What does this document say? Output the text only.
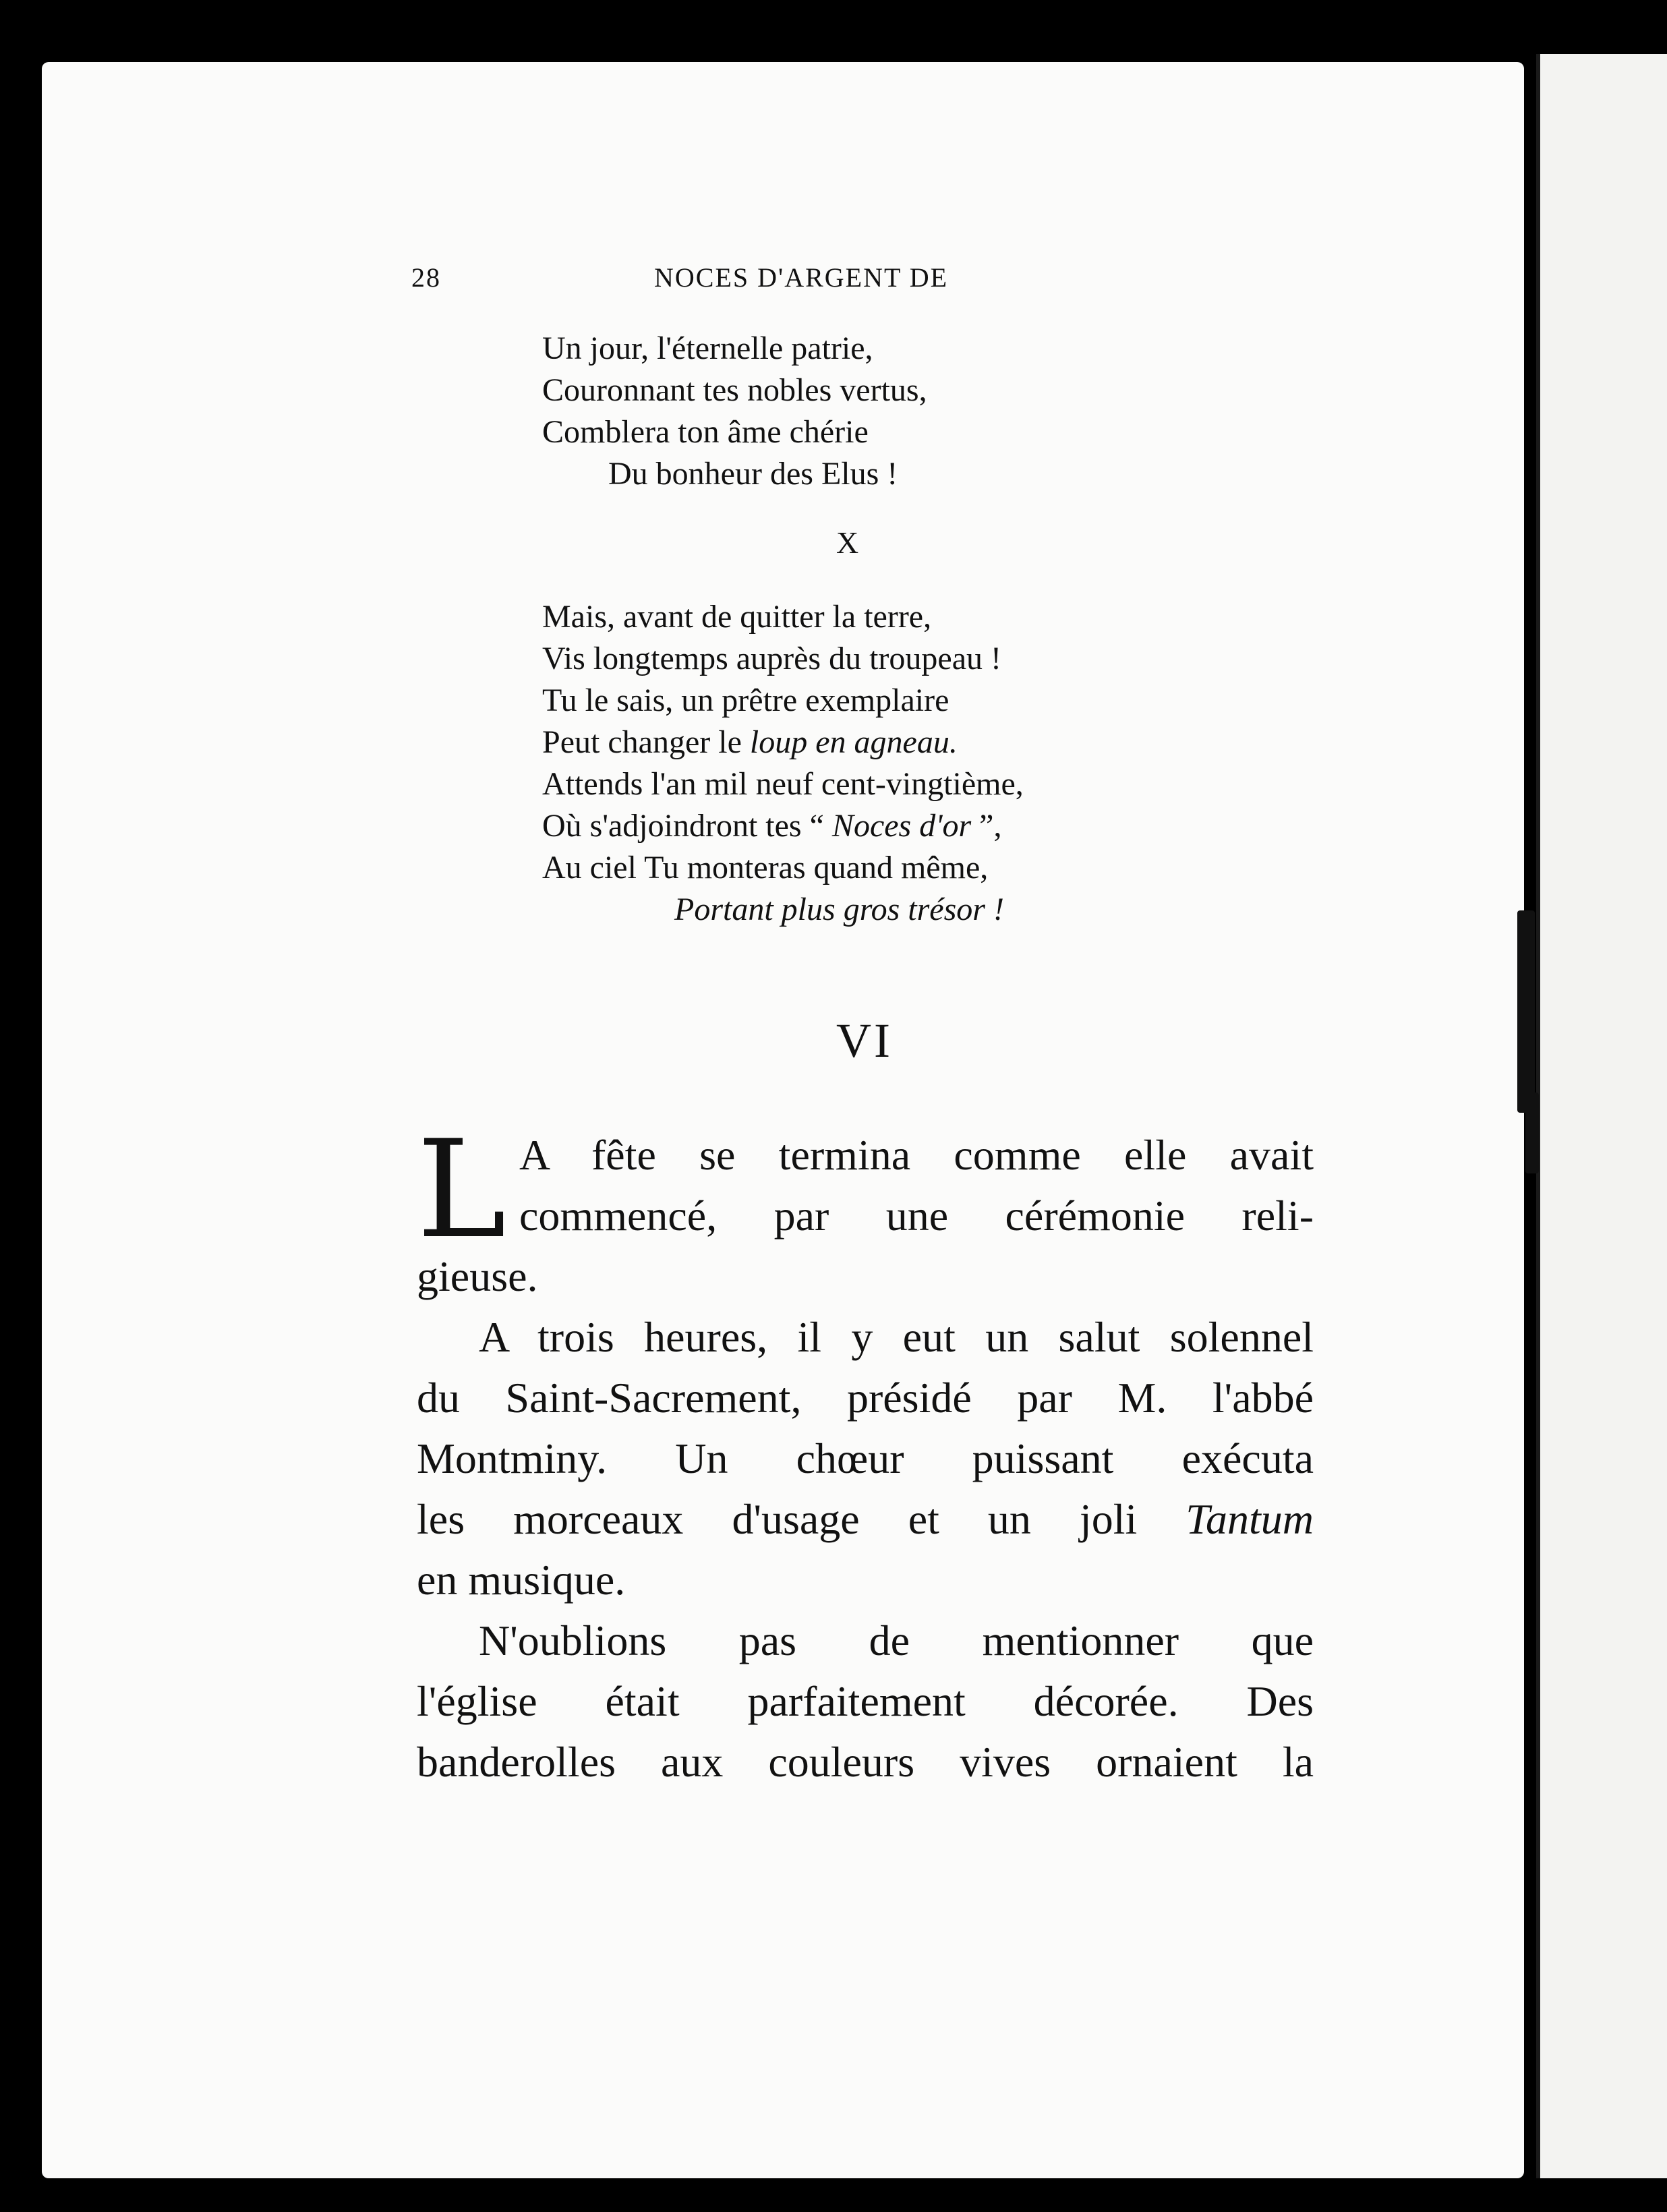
28	NOCES D'ARGENT DE
Un jour, l'éternelle patrie,
Couronnant tes nobles vertus,
Comblera ton âme chérie
Du bonheur des Elus !
X
Mais, avant de quitter la terre,
Vis longtemps auprès du troupeau !
Tu le sais, un prêtre exemplaire
Peut changer le loup en agneau.
Attends l'an mil neuf cent-vingtième,
Où s'adjoindront tes “ Noces d'or ”,
Au ciel Tu monteras quand même,
Portant plus gros trésor !
VI
L A fête se termina comme elle avait
commencé, par une cérémonie reli-
gieuse.
A trois heures, il y eut un salut solennel
du Saint-Sacrement, présidé par M. l'abbé
Montminy. Un chœur puissant exécuta
les morceaux d'usage et un joli Tantum
en musique.
N'oublions pas de mentionner que
l'église était parfaitement décorée. Des
banderolles aux couleurs vives ornaient la
